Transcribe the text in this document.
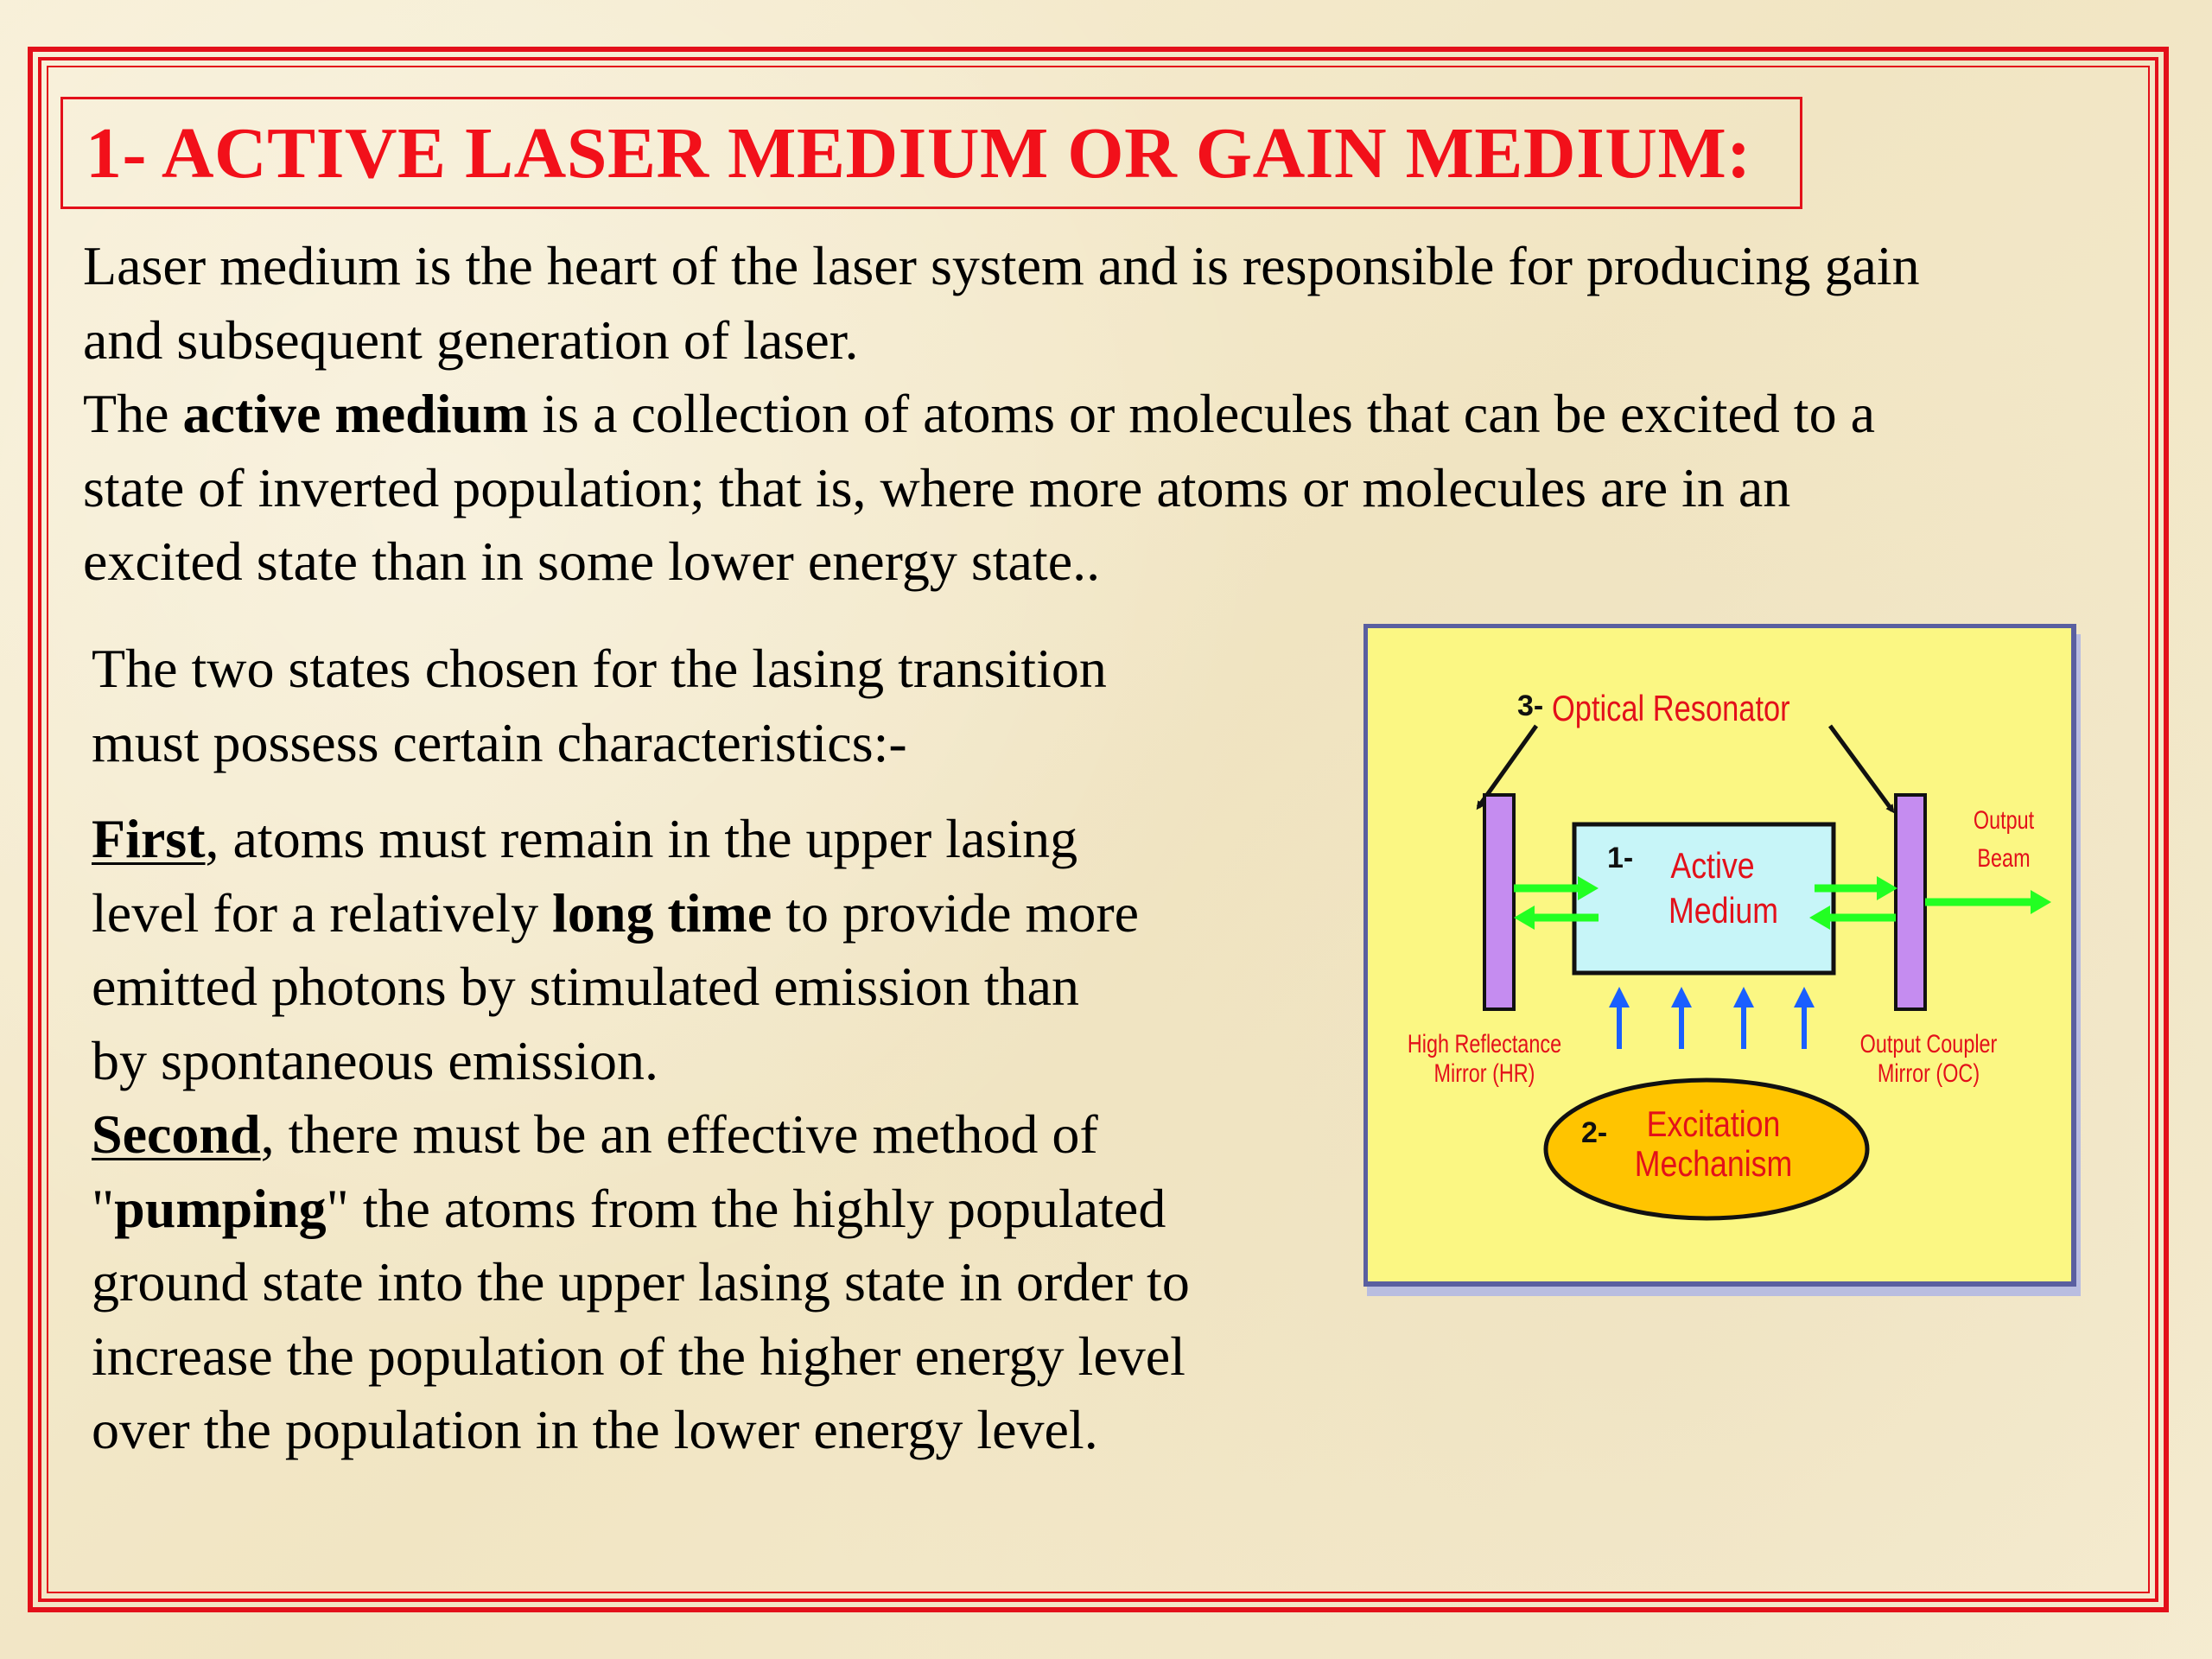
1- ACTIVE LASER MEDIUM OR GAIN MEDIUM:
Laser medium is the heart of the laser system and is responsible for producing gain
and subsequent generation of laser.
The active medium is a collection of atoms or molecules that can be excited to a
state of inverted population; that is, where more atoms or molecules are in an
excited state than in some lower energy state..
The two states chosen for the lasing transition
must possess certain characteristics:-
First, atoms must remain in the upper lasing
level for a relatively long time to provide more
emitted photons by stimulated emission than
by spontaneous emission.
Second, there must be an effective method of
"pumping" the atoms from the highly populated
ground state into the upper lasing state in order to
increase the population of the higher energy level
over the population in the lower energy level.
3- Optical Resonator
1- Active
Medium
Output
Beam
High Reflectance
Mirror (HR)
Output Coupler
Mirror (OC)
2-	Excitation
Mechanism
